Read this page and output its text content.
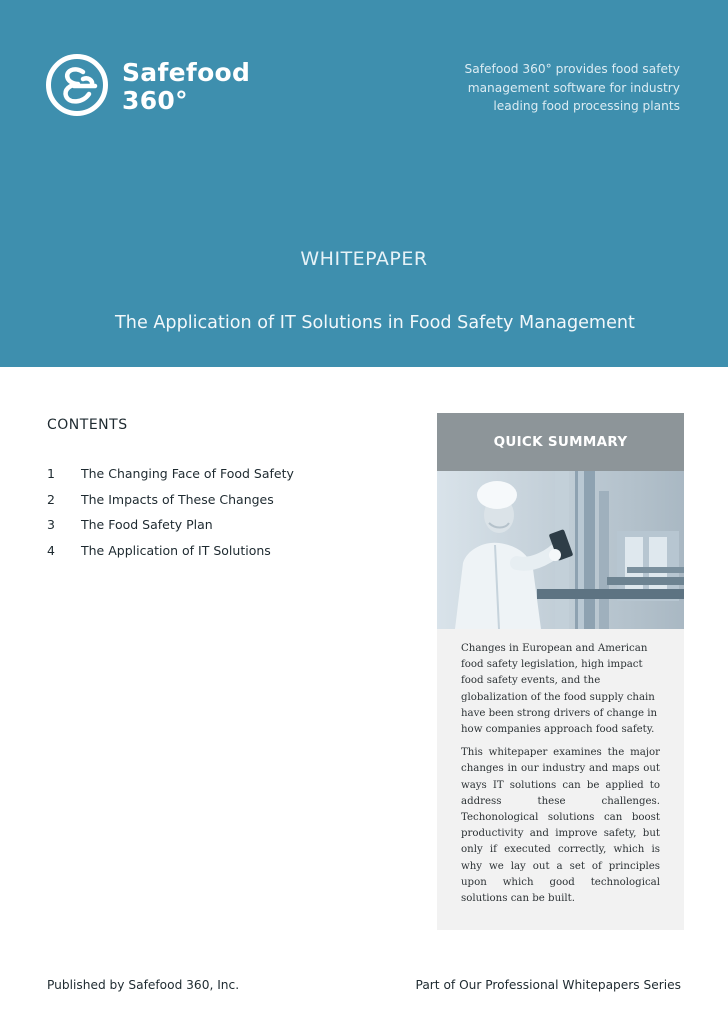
Safefood
360°
Safefood 360° provides food safety
management software for industry
leading food processing plants
WHITEPAPER
The Application of IT Solutions in Food Safety Management
CONTENTS
1	The Changing Face of Food Safety
2	The Impacts of These Changes
3	The Food Safety Plan
4	The Application of IT Solutions
QUICK SUMMARY

Changes in European and American food safety legislation, high impact food safety events, and the globalization of the food supply chain have been strong drivers of change in how companies approach food safety.

This whitepaper examines the major changes in our industry and maps out ways IT solutions can be applied to address these challenges. Techonological solutions can boost productivity and improve safety, but only if executed correctly, which is why we lay out a set of principles upon which good technological solutions can be built.

Published by Safefood 360, Inc.	Part of Our Professional Whitepapers Series
